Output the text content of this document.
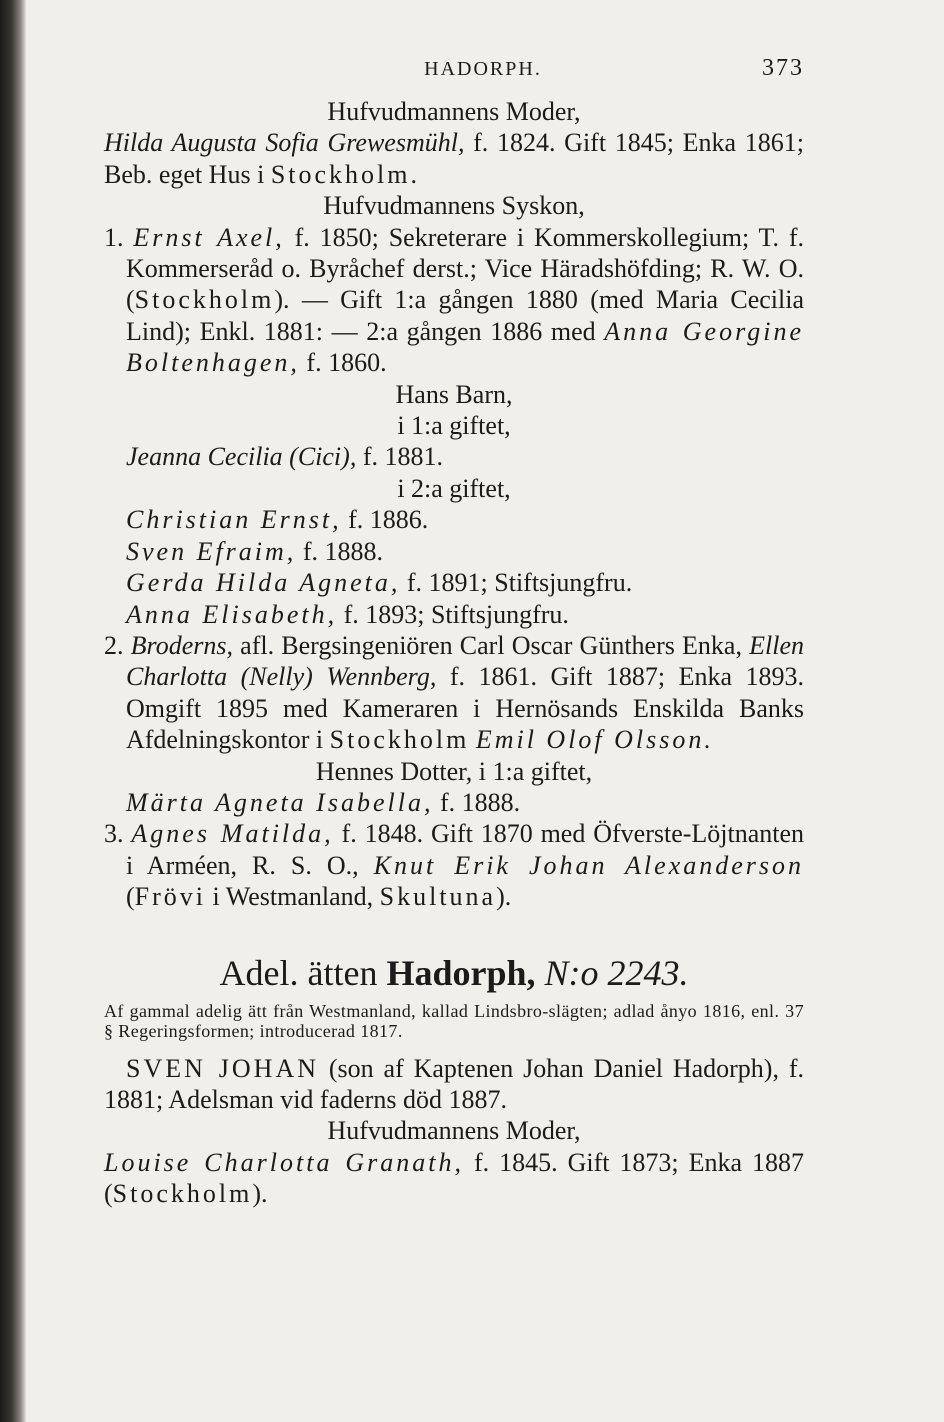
HADORPH.	373

Hufvudmannens Moder,

Hilda Augusta Sofia Grewesmühl, f. 1824. Gift 1845; Enka 1861; Beb. eget Hus i Stockholm.

Hufvudmannens Syskon,

1. Ernst Axel, f. 1850; Sekreterare i Kommerskollegium; T. f. Kommerseråd o. Byråchef derst.; Vice Häradshöfding; R. W. O. (Stockholm). — Gift 1:a gången 1880 (med Maria Cecilia Lind); Enkl. 1881: — 2:a gången 1886 med Anna Georgine Boltenhagen, f. 1860.

Hans Barn,

i 1:a giftet,

Jeanna Cecilia (Cici), f. 1881.

i 2:a giftet,

Christian Ernst, f. 1886.

Sven Efraim, f. 1888.

Gerda Hilda Agneta, f. 1891; Stiftsjungfru.

Anna Elisabeth, f. 1893; Stiftsjungfru.

2. Broderns, afl. Bergsingeniören Carl Oscar Günthers Enka, Ellen Charlotta (Nelly) Wennberg, f. 1861. Gift 1887; Enka 1893. Omgift 1895 med Kameraren i Hernösands Enskilda Banks Afdelningskontor i Stockholm Emil Olof Olsson.

Hennes Dotter, i 1:a giftet,

Märta Agneta Isabella, f. 1888.

3. Agnes Matilda, f. 1848. Gift 1870 med Öfverste-Löjtnanten i Arméen, R. S. O., Knut Erik Johan Alexanderson (Frövi i Westmanland, Skultuna).

Adel. ätten Hadorph, N:o 2243.

Af gammal adelig ätt från Westmanland, kallad Lindsbro-slägten; adlad ånyo 1816, enl. 37 § Regeringsformen; introducerad 1817.

SVEN JOHAN (son af Kaptenen Johan Daniel Hadorph), f. 1881; Adelsman vid faderns död 1887.

Hufvudmannens Moder,

Louise Charlotta Granath, f. 1845. Gift 1873; Enka 1887 (Stockholm).
